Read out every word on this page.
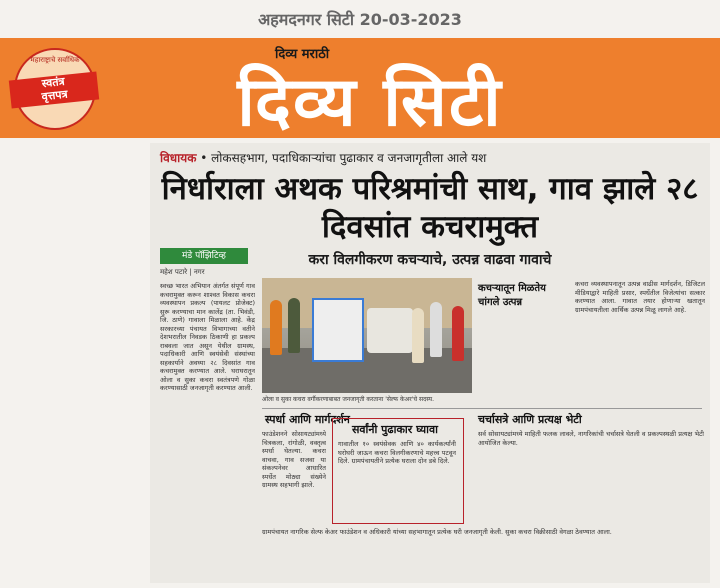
अहमदनगर सिटी 20-03-2023
महाराष्ट्राचे सर्वाधिक
स्वतंत्र
वृत्तपत्र
दिव्य मराठी
दिव्य सिटी
विधायक • लोकसहभाग, पदाधिकाऱ्यांचा पुढाकार व जनजागृतीला आले यश
निर्धाराला अथक परिश्रमांची साथ, गाव झाले २८ दिवसांत कचरामुक्त
मंडे पॉझिटिव्ह
महेश पटारे | नगर
करा विलगीकरण कचऱ्याचे, उत्पन्न वाढवा गावाचे
ओला व सुका कचरा वर्गीकरणाबाबत जनजागृती करताना 'सेल्फ केअर'चे सदस्य.
कचऱ्यातून मिळतेय चांगले उत्पन्न
स्वच्छ भारत अभियान अंतर्गत संपूर्ण गाव कचरामुक्त करून शाश्वत विकास कचरा व्यवस्थापन प्रकल्प (पायलट प्रोजेक्ट) सुरू करण्याचा मान कालेंद्र (ता. भिवंडी, जि. ठाणे) गावाला मिळाला आहे. केंद्र सरकारच्या पंचायत विभागाच्या वतीने देशभरातील निवडक ठिकाणी हा प्रकल्प राबवला जात असून येथील ग्रामस्थ, पदाधिकारी आणि स्वयंसेवी संस्थांच्या सहकार्याने अवघ्या २८ दिवसांत गाव कचरामुक्त करण्यात आले. घराघरातून ओला व सुका कचरा स्वतंत्रपणे गोळा करण्यासाठी जनजागृती करण्यात आली.
कचरा व्यवस्थापनातून उत्पन्न वाढीस मार्गदर्शन, डिजिटल मीडियाद्वारे माहिती प्रसार, स्पर्धेतील विजेत्यांचा सत्कार करण्यात आला. गावात तयार होणाऱ्या खतातून ग्रामपंचायतीला आर्थिक उत्पन्न मिळू लागले आहे.
स्पर्धा आणि मार्गदर्शन
सर्वांनी पुढाकार घ्यावा
चर्चासत्रे आणि प्रत्यक्ष भेटी
फाउंडेशनने सोसायट्यांमध्ये चित्रकला, रांगोळी, वक्तृत्व स्पर्धा घेतल्या. कचरा वाचवा, गाव सजवा या संकल्पनेवर आधारित स्पर्धेत मोठ्या संख्येने ग्रामस्थ सहभागी झाले.
गावातील १० स्वयंसेवक आणि ४० कार्यकर्त्यांनी घरोघरी जाऊन कचरा विलगीकरणाचे महत्त्व पटवून दिले. ग्रामपंचायतीने प्रत्येक घराला दोन डबे दिले.
सर्व सोसायट्यांमध्ये माहिती फलक लावले, नागरिकांची चर्चासत्रे घेतली व प्रकल्पस्थळी प्रत्यक्ष भेटी आयोजित केल्या.
ग्रामपंचायत नागरिक सेल्फ केअर फाउंडेशन व अधिकारी यांच्या सहभागातून प्रत्येक घरी जनजागृती केली. सुका कचरा विक्रीसाठी वेगळा ठेवण्यात आला.
